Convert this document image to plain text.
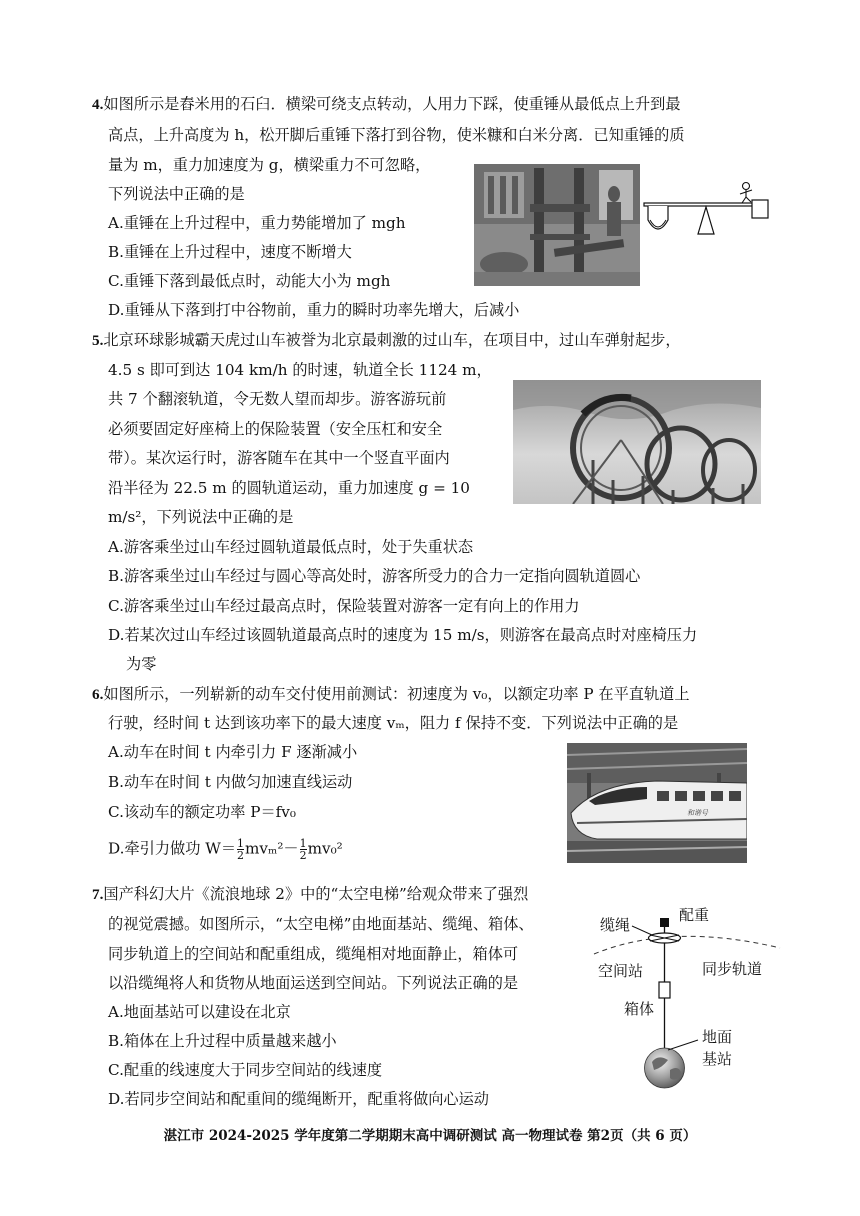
4.如图所示是舂米用的石臼．横梁可绕支点转动，人用力下踩，使重锤从最低点上升到最
高点，上升高度为 h，松开脚后重锤下落打到谷物，使米糠和白米分离．已知重锤的质
量为 m，重力加速度为 g，横梁重力不可忽略，
下列说法中正确的是
A.重锤在上升过程中，重力势能增加了 mgh
B.重锤在上升过程中，速度不断增大
C.重锤下落到最低点时，动能大小为 mgh
D.重锤从下落到打中谷物前，重力的瞬时功率先增大，后减小
5.北京环球影城霸天虎过山车被誉为北京最刺激的过山车，在项目中，过山车弹射起步，
4.5 s 即可到达 104 km/h 的时速，轨道全长 1124 m，
共 7 个翻滚轨道，令无数人望而却步。游客游玩前
必须要固定好座椅上的保险装置（安全压杠和安全
带）。某次运行时，游客随车在其中一个竖直平面内
沿半径为 22.5 m 的圆轨道运动，重力加速度 g = 10
m/s²，下列说法中正确的是
A.游客乘坐过山车经过圆轨道最低点时，处于失重状态
B.游客乘坐过山车经过与圆心等高处时，游客所受力的合力一定指向圆轨道圆心
C.游客乘坐过山车经过最高点时，保险装置对游客一定有向上的作用力
D.若某次过山车经过该圆轨道最高点时的速度为 15 m/s，则游客在最高点时对座椅压力
为零
6.如图所示，一列崭新的动车交付使用前测试：初速度为 v₀，以额定功率 P 在平直轨道上
行驶，经时间 t 达到该功率下的最大速度 vₘ，阻力 f 保持不变．下列说法中正确的是
A.动车在时间 t 内牵引力 F 逐渐减小
B.动车在时间 t 内做匀加速直线运动
C.该动车的额定功率 P＝fv₀
D.牵引力做功 $W= \frac{1}{2} mv_m^2- \frac{1}{2} mv_0^2$
和谐号
7.国产科幻大片《流浪地球 2》中的“太空电梯”给观众带来了强烈
的视觉震撼。如图所示，“太空电梯”由地面基站、缆绳、箱体、
同步轨道上的空间站和配重组成，缆绳相对地面静止，箱体可
以沿缆绳将人和货物从地面运送到空间站。下列说法正确的是
A.地面基站可以建设在北京
B.箱体在上升过程中质量越来越小
C.配重的线速度大于同步空间站的线速度
D.若同步空间站和配重间的缆绳断开，配重将做向心运动
配重
缆绳
空间站	同步轨道
箱体
地面
基站
湛江市 2024-2025 学年度第二学期期末高中调研测试 高一物理试卷 第2页（共 6 页）
